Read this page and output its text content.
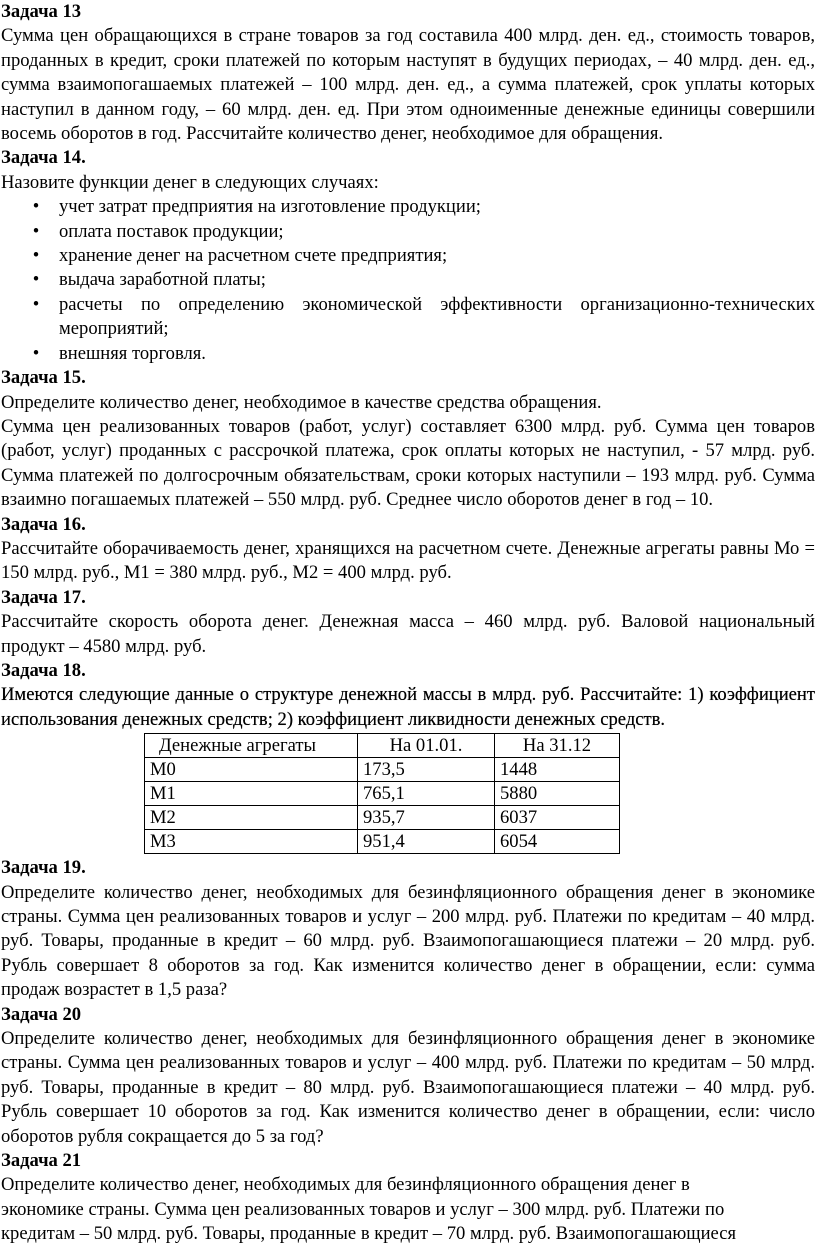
Задача 13
Сумма цен обращающихся в стране товаров за год составила 400 млрд. ден. ед., стоимость товаров, проданных в кредит, сроки платежей по которым наступят в будущих периодах, – 40 млрд. ден. ед., сумма взаимопогашаемых платежей – 100 млрд. ден. ед., а сумма платежей, срок уплаты которых наступил в данном году, – 60 млрд. ден. ед. При этом одноименные денежные единицы совершили восемь оборотов в год. Рассчитайте количество денег, необходимое для обращения.
Задача 14.
Назовите функции денег в следующих случаях:
• учет затрат предприятия на изготовление продукции;
• оплата поставок продукции;
• хранение денег на расчетном счете предприятия;
• выдача заработной платы;
• расчеты по определению экономической эффективности организационно-технических мероприятий;
• внешняя торговля.
Задача 15.
Определите количество денег, необходимое в качестве средства обращения.
Сумма цен реализованных товаров (работ, услуг) составляет 6300 млрд. руб. Сумма цен товаров (работ, услуг) проданных с рассрочкой платежа, срок оплаты которых не наступил, - 57 млрд. руб. Сумма платежей по долгосрочным обязательствам, сроки которых наступили – 193 млрд. руб. Сумма взаимно погашаемых платежей – 550 млрд. руб. Среднее число оборотов денег в год – 10.
Задача 16.
Рассчитайте оборачиваемость денег, хранящихся на расчетном счете. Денежные агрегаты равны Мо = 150 млрд. руб., М1 = 380 млрд. руб., М2 = 400 млрд. руб.
Задача 17.
Рассчитайте скорость оборота денег. Денежная масса – 460 млрд. руб. Валовой национальный продукт – 4580 млрд. руб.
Задача 18.
Имеются следующие данные о структуре денежной массы в млрд. руб. Рассчитайте: 1) коэффициент использования денежных средств; 2) коэффициент ликвидности денежных средств.
Денежные агрегаты	На 01.01.	На 31.12
М0	173,5	1448
М1	765,1	5880
М2	935,7	6037
М3	951,4	6054
Задача 19.
Определите количество денег, необходимых для безинфляционного обращения денег в экономике страны. Сумма цен реализованных товаров и услуг – 200 млрд. руб. Платежи по кредитам – 40 млрд. руб. Товары, проданные в кредит – 60 млрд. руб. Взаимопогашающиеся платежи – 20 млрд. руб. Рубль совершает 8 оборотов за год. Как изменится количество денег в обращении, если: сумма продаж возрастет в 1,5 раза?
Задача 20
Определите количество денег, необходимых для безинфляционного обращения денег в экономике страны. Сумма цен реализованных товаров и услуг – 400 млрд. руб. Платежи по кредитам – 50 млрд. руб. Товары, проданные в кредит – 80 млрд. руб. Взаимопогашающиеся платежи – 40 млрд. руб. Рубль совершает 10 оборотов за год. Как изменится количество денег в обращении, если: число оборотов рубля сокращается до 5 за год?
Задача 21
Определите количество денег, необходимых для безинфляционного обращения денег в
экономике страны. Сумма цен реализованных товаров и услуг – 300 млрд. руб. Платежи по
кредитам – 50 млрд. руб. Товары, проданные в кредит – 70 млрд. руб. Взаимопогашающиеся
